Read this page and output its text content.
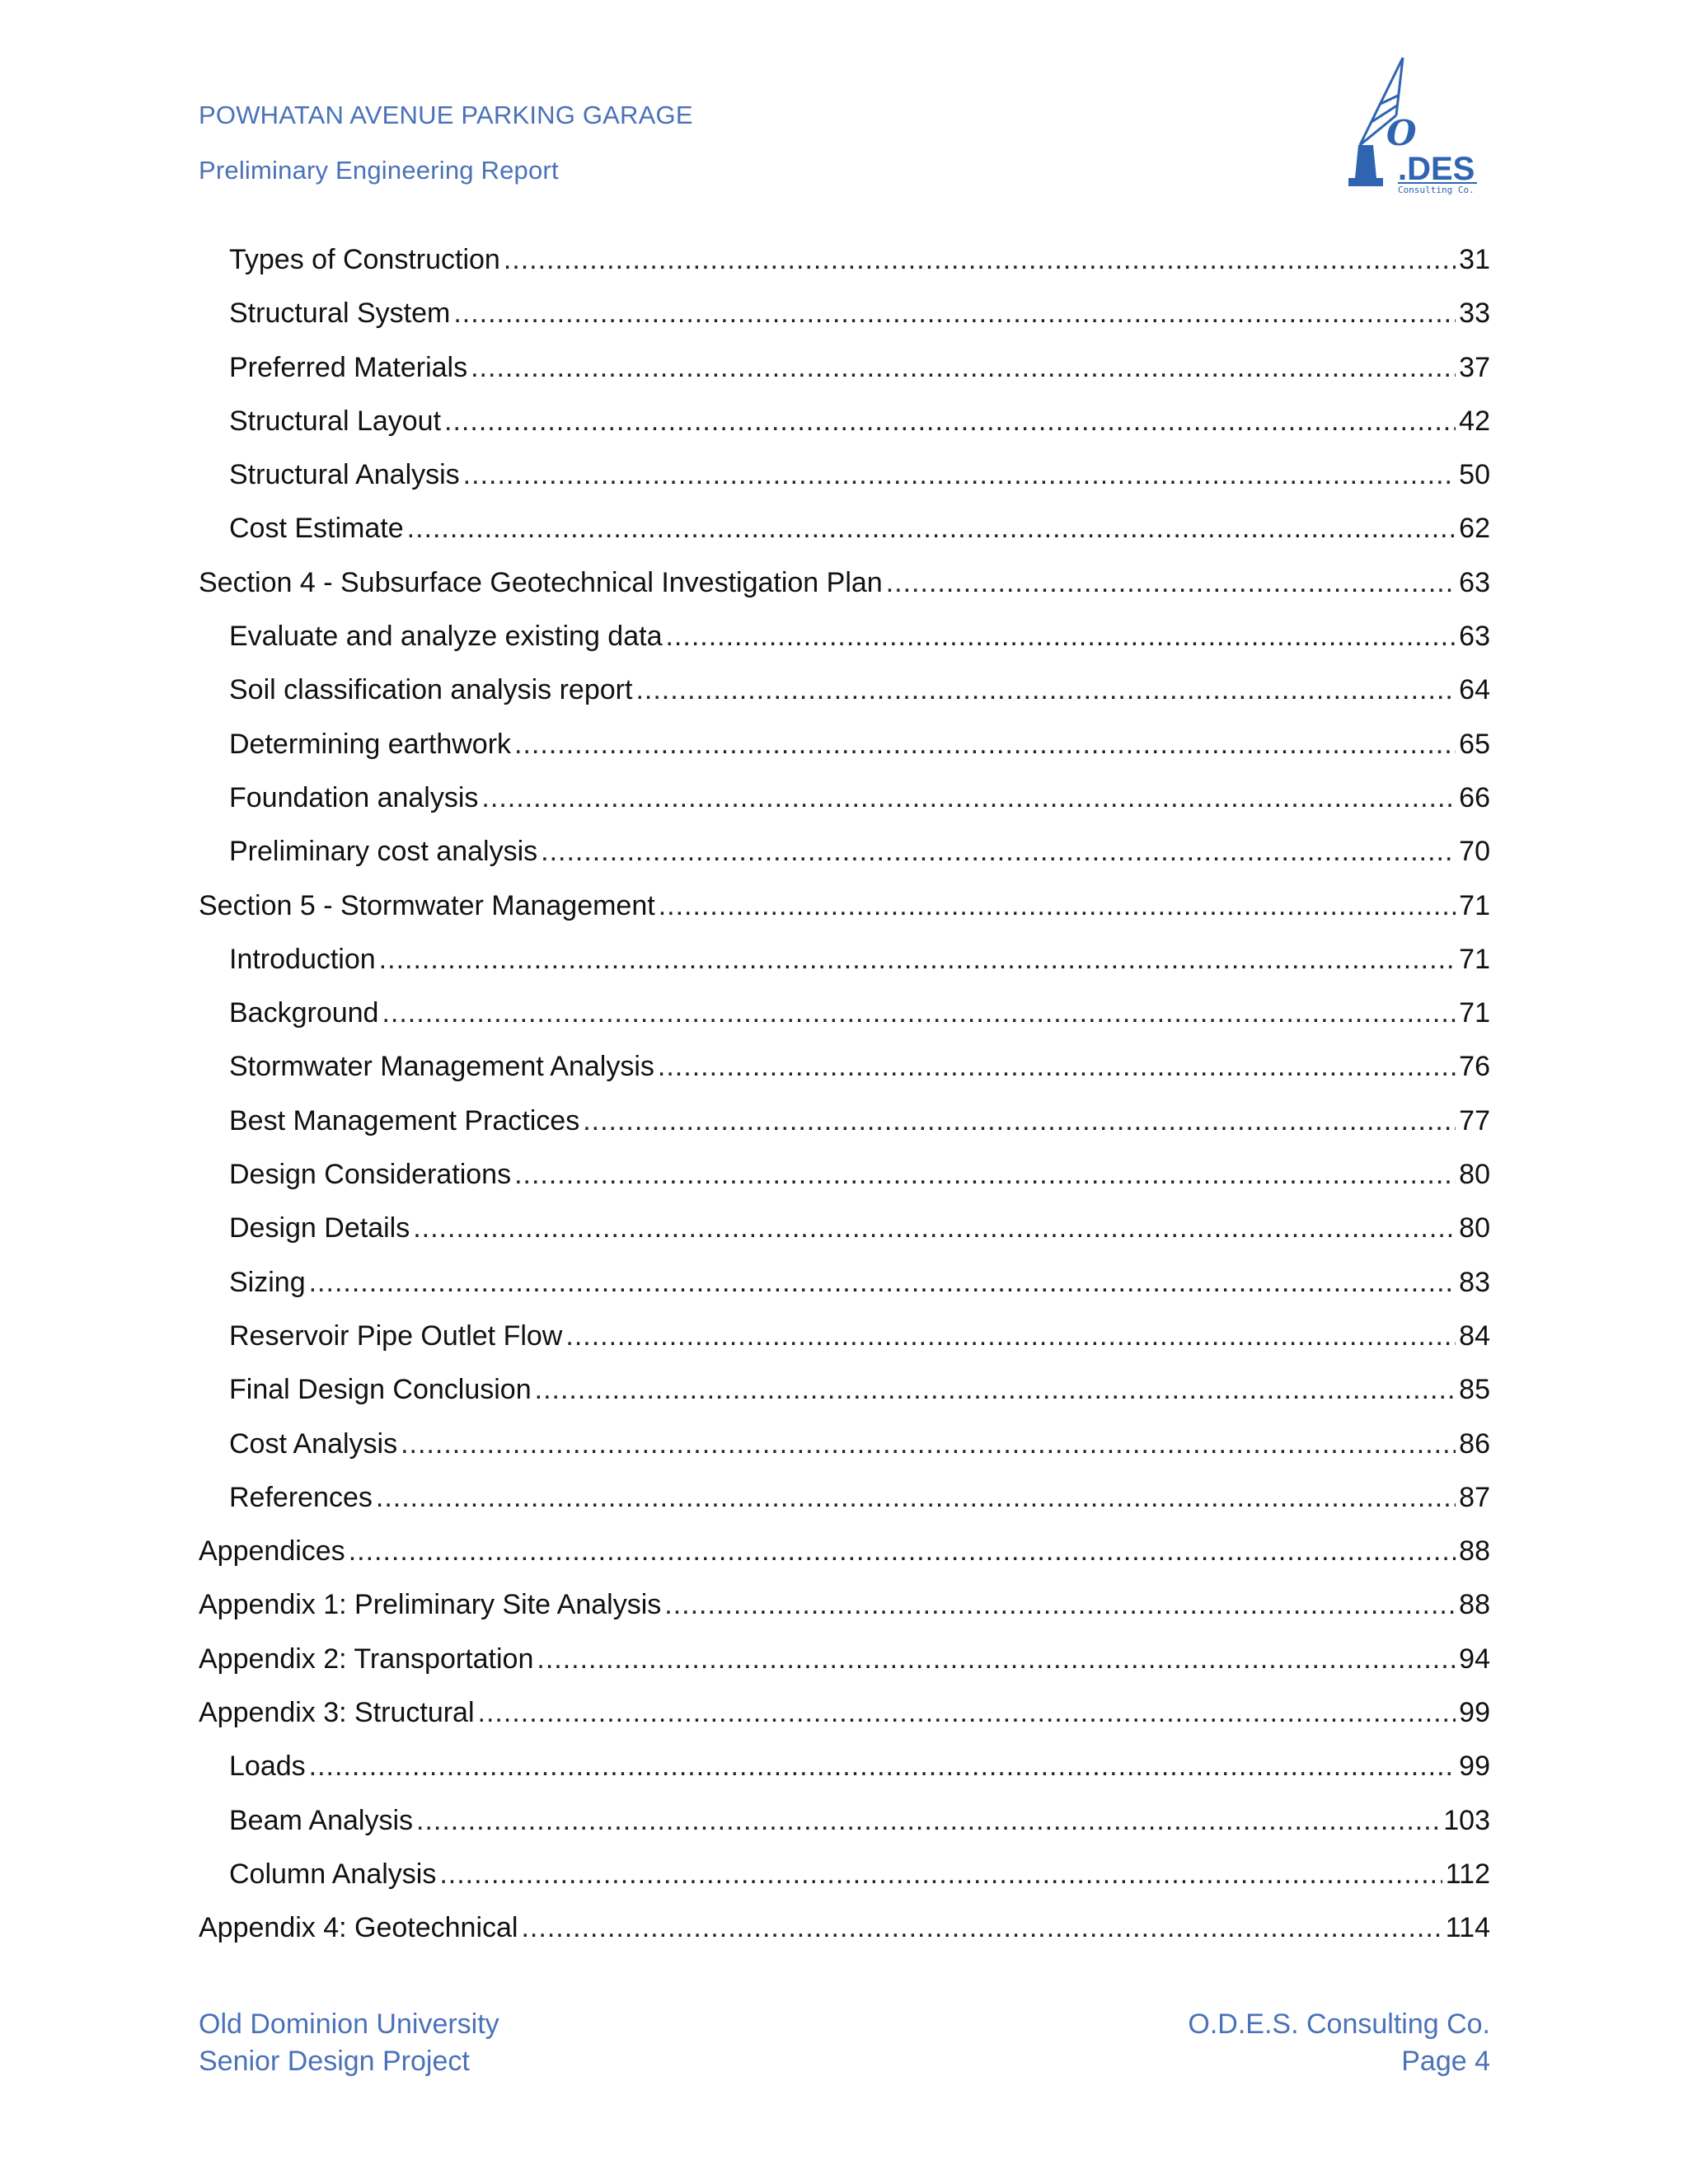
POWHATAN AVENUE PARKING GARAGE
Preliminary Engineering Report
O
.DES
Consulting Co.
Types of Construction .....	31
Structural System .....	33
Preferred Materials .....	37
Structural Layout .....	42
Structural Analysis .....	50
Cost Estimate .....	62
Section 4 - Subsurface Geotechnical Investigation Plan .....	63
Evaluate and analyze existing data .....	63
Soil classification analysis report .....	64
Determining earthwork .....	65
Foundation analysis .....	66
Preliminary cost analysis .....	70
Section 5 - Stormwater Management .....	71
Introduction .....	71
Background .....	71
Stormwater Management Analysis .....	76
Best Management Practices .....	77
Design Considerations .....	80
Design Details .....	80
Sizing .....	83
Reservoir Pipe Outlet Flow .....	84
Final Design Conclusion .....	85
Cost Analysis .....	86
References .....	87
Appendices .....	88
Appendix 1: Preliminary Site Analysis .....	88
Appendix 2: Transportation .....	94
Appendix 3: Structural .....	99
Loads .....	99
Beam Analysis .....	103
Column Analysis .....	112
Appendix 4: Geotechnical .....	114
Old Dominion University
Senior Design Project
O.D.E.S. Consulting Co.
Page 4
